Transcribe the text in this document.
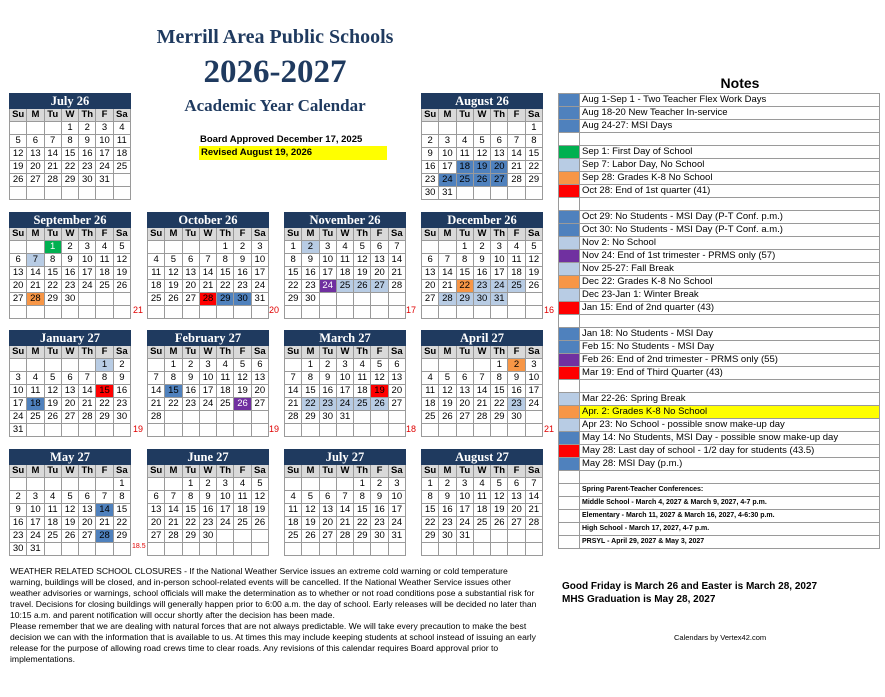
Merrill Area Public Schools
2026-2027
Academic Year Calendar
Board Approved December 17, 2025
Revised August 19, 2026
Notes
July 26						
Su	M	Tu	W	Th	F	Sa
			1	2	3	4
5	6	7	8	9	10	11
12	13	14	15	16	17	18
19	20	21	22	23	24	25
26	27	28	29	30	31	

August 26						
Su	M	Tu	W	Th	F	Sa
						1
2	3	4	5	6	7	8
9	10	11	12	13	14	15
16	17	18	19	20	21	22
23	24	25	26	27	28	29
30	31					
September 26						
Su	M	Tu	W	Th	F	Sa
		1	2	3	4	5
6	7	8	9	10	11	12
13	14	15	16	17	18	19
20	21	22	23	24	25	26
27	28	29	30			

21
October 26						
Su	M	Tu	W	Th	F	Sa
				1	2	3
4	5	6	7	8	9	10
11	12	13	14	15	16	17
18	19	20	21	22	23	24
25	26	27	28	29	30	31

20
November 26						
Su	M	Tu	W	Th	F	Sa
1	2	3	4	5	6	7
8	9	10	11	12	13	14
15	16	17	18	19	20	21
22	23	24	25	26	27	28
29	30					

17
December 26						
Su	M	Tu	W	Th	F	Sa
		1	2	3	4	5
6	7	8	9	10	11	12
13	14	15	16	17	18	19
20	21	22	23	24	25	26
27	28	29	30	31		

16
January 27						
Su	M	Tu	W	Th	F	Sa
					1	2
3	4	5	6	7	8	9
10	11	12	13	14	15	16
17	18	19	20	21	22	23
24	25	26	27	28	29	30
31							19
February 27						
Su	M	Tu	W	Th	F	Sa
	1	2	3	4	5	6
7	8	9	10	11	12	13
14	15	16	17	18	19	20
21	22	23	24	25	26	27
28						

19
March 27						
Su	M	Tu	W	Th	F	Sa
	1	2	3	4	5	6
7	8	9	10	11	12	13
14	15	16	17	18	19	20
21	22	23	24	25	26	27
28	29	30	31			

18
April 27						
Su	M	Tu	W	Th	F	Sa
				1	2	3
4	5	6	7	8	9	10
11	12	13	14	15	16	17
18	19	20	21	22	23	24
25	26	27	28	29	30	

21
May 27						
Su	M	Tu	W	Th	F	Sa
						1
2	3	4	5	6	7	8
9	10	11	12	13	14	15
16	17	18	19	20	21	22
23	24	25	26	27	28	29
30	31						18.5
June 27						
Su	M	Tu	W	Th	F	Sa
		1	2	3	4	5
6	7	8	9	10	11	12
13	14	15	16	17	18	19
20	21	22	23	24	25	26
27	28	29	30			

July 27						
Su	M	Tu	W	Th	F	Sa
				1	2	3
4	5	6	7	8	9	10
11	12	13	14	15	16	17
18	19	20	21	22	23	24
25	26	27	28	29	30	31

August 27						
Su	M	Tu	W	Th	F	Sa
1	2	3	4	5	6	7
8	9	10	11	12	13	14
15	16	17	18	19	20	21
22	23	24	25	26	27	28
29	30	31				

	Aug 1-Sep 1 - Two Teacher Flex Work Days
	Aug 18-20 New Teacher In-service
	Aug 24-27: MSI Days

	Sep 1: First Day of School
	Sep 7: Labor Day, No School
	Sep 28: Grades K-8 No School
	Oct 28: End of 1st quarter (41)

	Oct 29: No Students - MSI Day (P-T Conf. p.m.)
	Oct 30: No Students - MSI Day (P-T Conf. a.m.)
	Nov 2: No School
	Nov 24: End of 1st trimester - PRMS only (57)
	Nov 25-27: Fall Break
	Dec 22: Grades K-8 No School
	Dec 23-Jan 1: Winter Break
	Jan 15: End of 2nd quarter (43)

	Jan 18: No Students - MSI Day
	Feb 15: No Students - MSI Day
	Feb 26: End of 2nd trimester - PRMS only (55)
	Mar 19: End of Third Quarter (43)

	Mar 22-26: Spring Break
	Apr. 2: Grades K-8 No School
	Apr 23: No School - possible snow make-up day
	May 14: No Students, MSI Day - possible snow make-up day
	May 28: Last day of school - 1/2 day for students (43.5)
	May 28: MSI Day (p.m.)

	Spring Parent-Teacher Conferences:
	Middle School - March 4, 2027 & March 9, 2027, 4-7 p.m.
	Elementary - March 11, 2027 & March 16, 2027, 4-6:30 p.m.
	High School - March 17, 2027, 4-7 p.m.
	PRSYL - April 29, 2027 & May 3, 2027

WEATHER RELATED SCHOOL CLOSURES - If the National Weather Service issues an extreme cold warning or cold temperature warning, buildings will be closed, and in-person school-related events will be cancelled. If the National Weather Service issues other weather advisories or warnings, school officials will make the determination as to whether or not road conditions pose a substantial risk for travel. Decisions for closing buildings will generally happen prior to 6:00 a.m. the day of school. Early releases will be decided no later than 10:15 a.m. and parent notification will occur shortly after the decision has been made.

Please remember that we are dealing with natural forces that are not always predictable. We will take every precaution to make the best decision we can with the information that is available to us. At times this may include keeping students at school instead of issuing an early release for the purpose of allowing road crews time to clear roads. Any revisions of this calendar requires Board approval prior to implementations.

Good Friday is March 26 and Easter is March 28, 2027
MHS Graduation is May 28, 2027
Calendars by Vertex42.com
